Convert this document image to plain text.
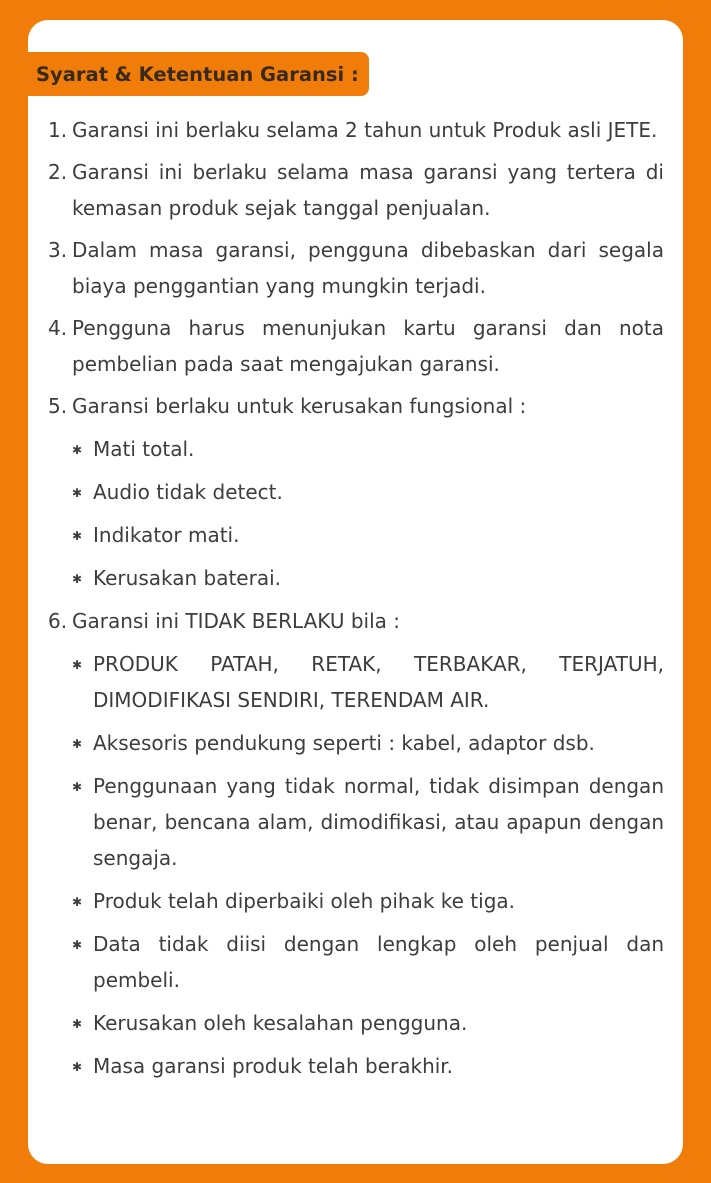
Syarat & Ketentuan Garansi :
1. Garansi ini berlaku selama 2 tahun untuk Produk asli JETE.
2. Garansi ini berlaku selama masa garansi yang tertera di kemasan produk sejak tanggal penjualan.
3. Dalam masa garansi, pengguna dibebaskan dari segala biaya penggantian yang mungkin terjadi.
4. Pengguna harus menunjukan kartu garansi dan nota pembelian pada saat mengajukan garansi.
5. Garansi berlaku untuk kerusakan fungsional :
✱ Mati total.
✱ Audio tidak detect.
✱ Indikator mati.
✱ Kerusakan baterai.
6. Garansi ini TIDAK BERLAKU bila :
✱ PRODUK PATAH, RETAK, TERBAKAR, TERJATUH, DIMODIFIKASI SENDIRI, TERENDAM AIR.
✱ Aksesoris pendukung seperti : kabel, adaptor dsb.
✱ Penggunaan yang tidak normal, tidak disimpan dengan benar, bencana alam, dimodifikasi, atau apapun dengan sengaja.
✱ Produk telah diperbaiki oleh pihak ke tiga.
✱ Data tidak diisi dengan lengkap oleh penjual dan pembeli.
✱ Kerusakan oleh kesalahan pengguna.
✱ Masa garansi produk telah berakhir.
